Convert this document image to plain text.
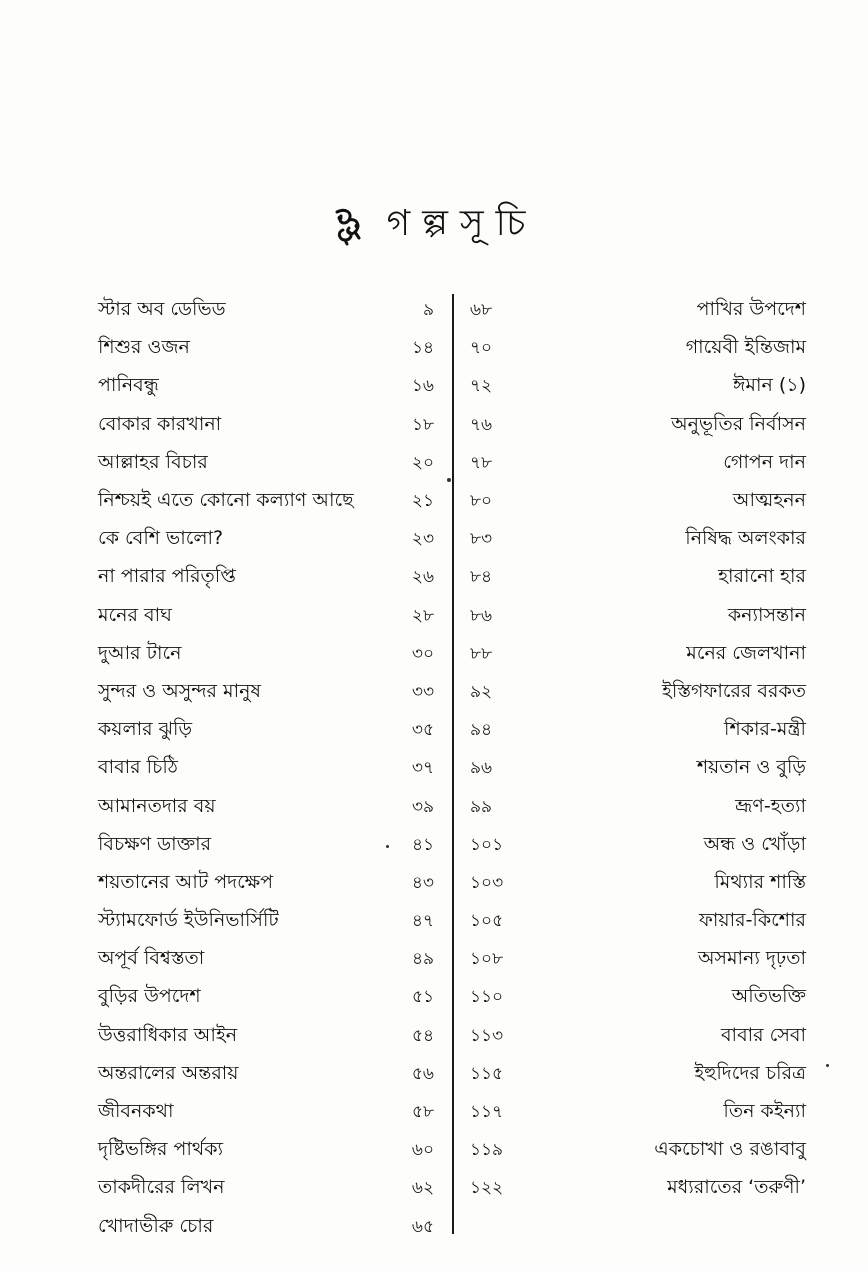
গল্পসূচি
স্টার অব ডেভিড	৯
শিশুর ওজন	১৪
পানিবন্ধু	১৬
বোকার কারখানা	১৮
আল্লাহর বিচার	২০
নিশ্চয়ই এতে কোনো কল্যাণ আছে	২১
কে বেশি ভালো?	২৩
না পারার পরিতৃপ্তি	২৬
মনের বাঘ	২৮
দুআর টানে	৩০
সুন্দর ও অসুন্দর মানুষ	৩৩
কয়লার ঝুড়ি	৩৫
বাবার চিঠি	৩৭
আমানতদার বয়	৩৯
বিচক্ষণ ডাক্তার	৪১
শয়তানের আট পদক্ষেপ	৪৩
স্ট্যামফোর্ড ইউনিভার্সিটি	৪৭
অপূর্ব বিশ্বস্ততা	৪৯
বুড়ির উপদেশ	৫১
উত্তরাধিকার আইন	৫৪
অন্তরালের অন্তরায়	৫৬
জীবনকথা	৫৮
দৃষ্টিভঙ্গির পার্থক্য	৬০
তাকদীরের লিখন	৬২
খোদাভীরু চোর	৬৫
৬৮	পাখির উপদেশ
৭০	গায়েবী ইন্তিজাম
৭২	ঈমান (১)
৭৬	অনুভূতির নির্বাসন
৭৮	গোপন দান
৮০	আত্মহনন
৮৩	নিষিদ্ধ অলংকার
৮৪	হারানো হার
৮৬	কন্যাসন্তান
৮৮	মনের জেলখানা
৯২	ইস্তিগফারের বরকত
৯৪	শিকার-মন্ত্রী
৯৬	শয়তান ও বুড়ি
৯৯	ভ্রূণ-হত্যা
১০১	অন্ধ ও খোঁড়া
১০৩	মিথ্যার শাস্তি
১০৫	ফায়ার-কিশোর
১০৮	অসমান্য দৃঢ়তা
১১০	অতিভক্তি
১১৩	বাবার সেবা
১১৫	ইহুদিদের চরিত্র
১১৭	তিন কইন্যা
১১৯	একচোখা ও রঙাবাবু
১২২	মধ্যরাতের ‘তরুণী’
